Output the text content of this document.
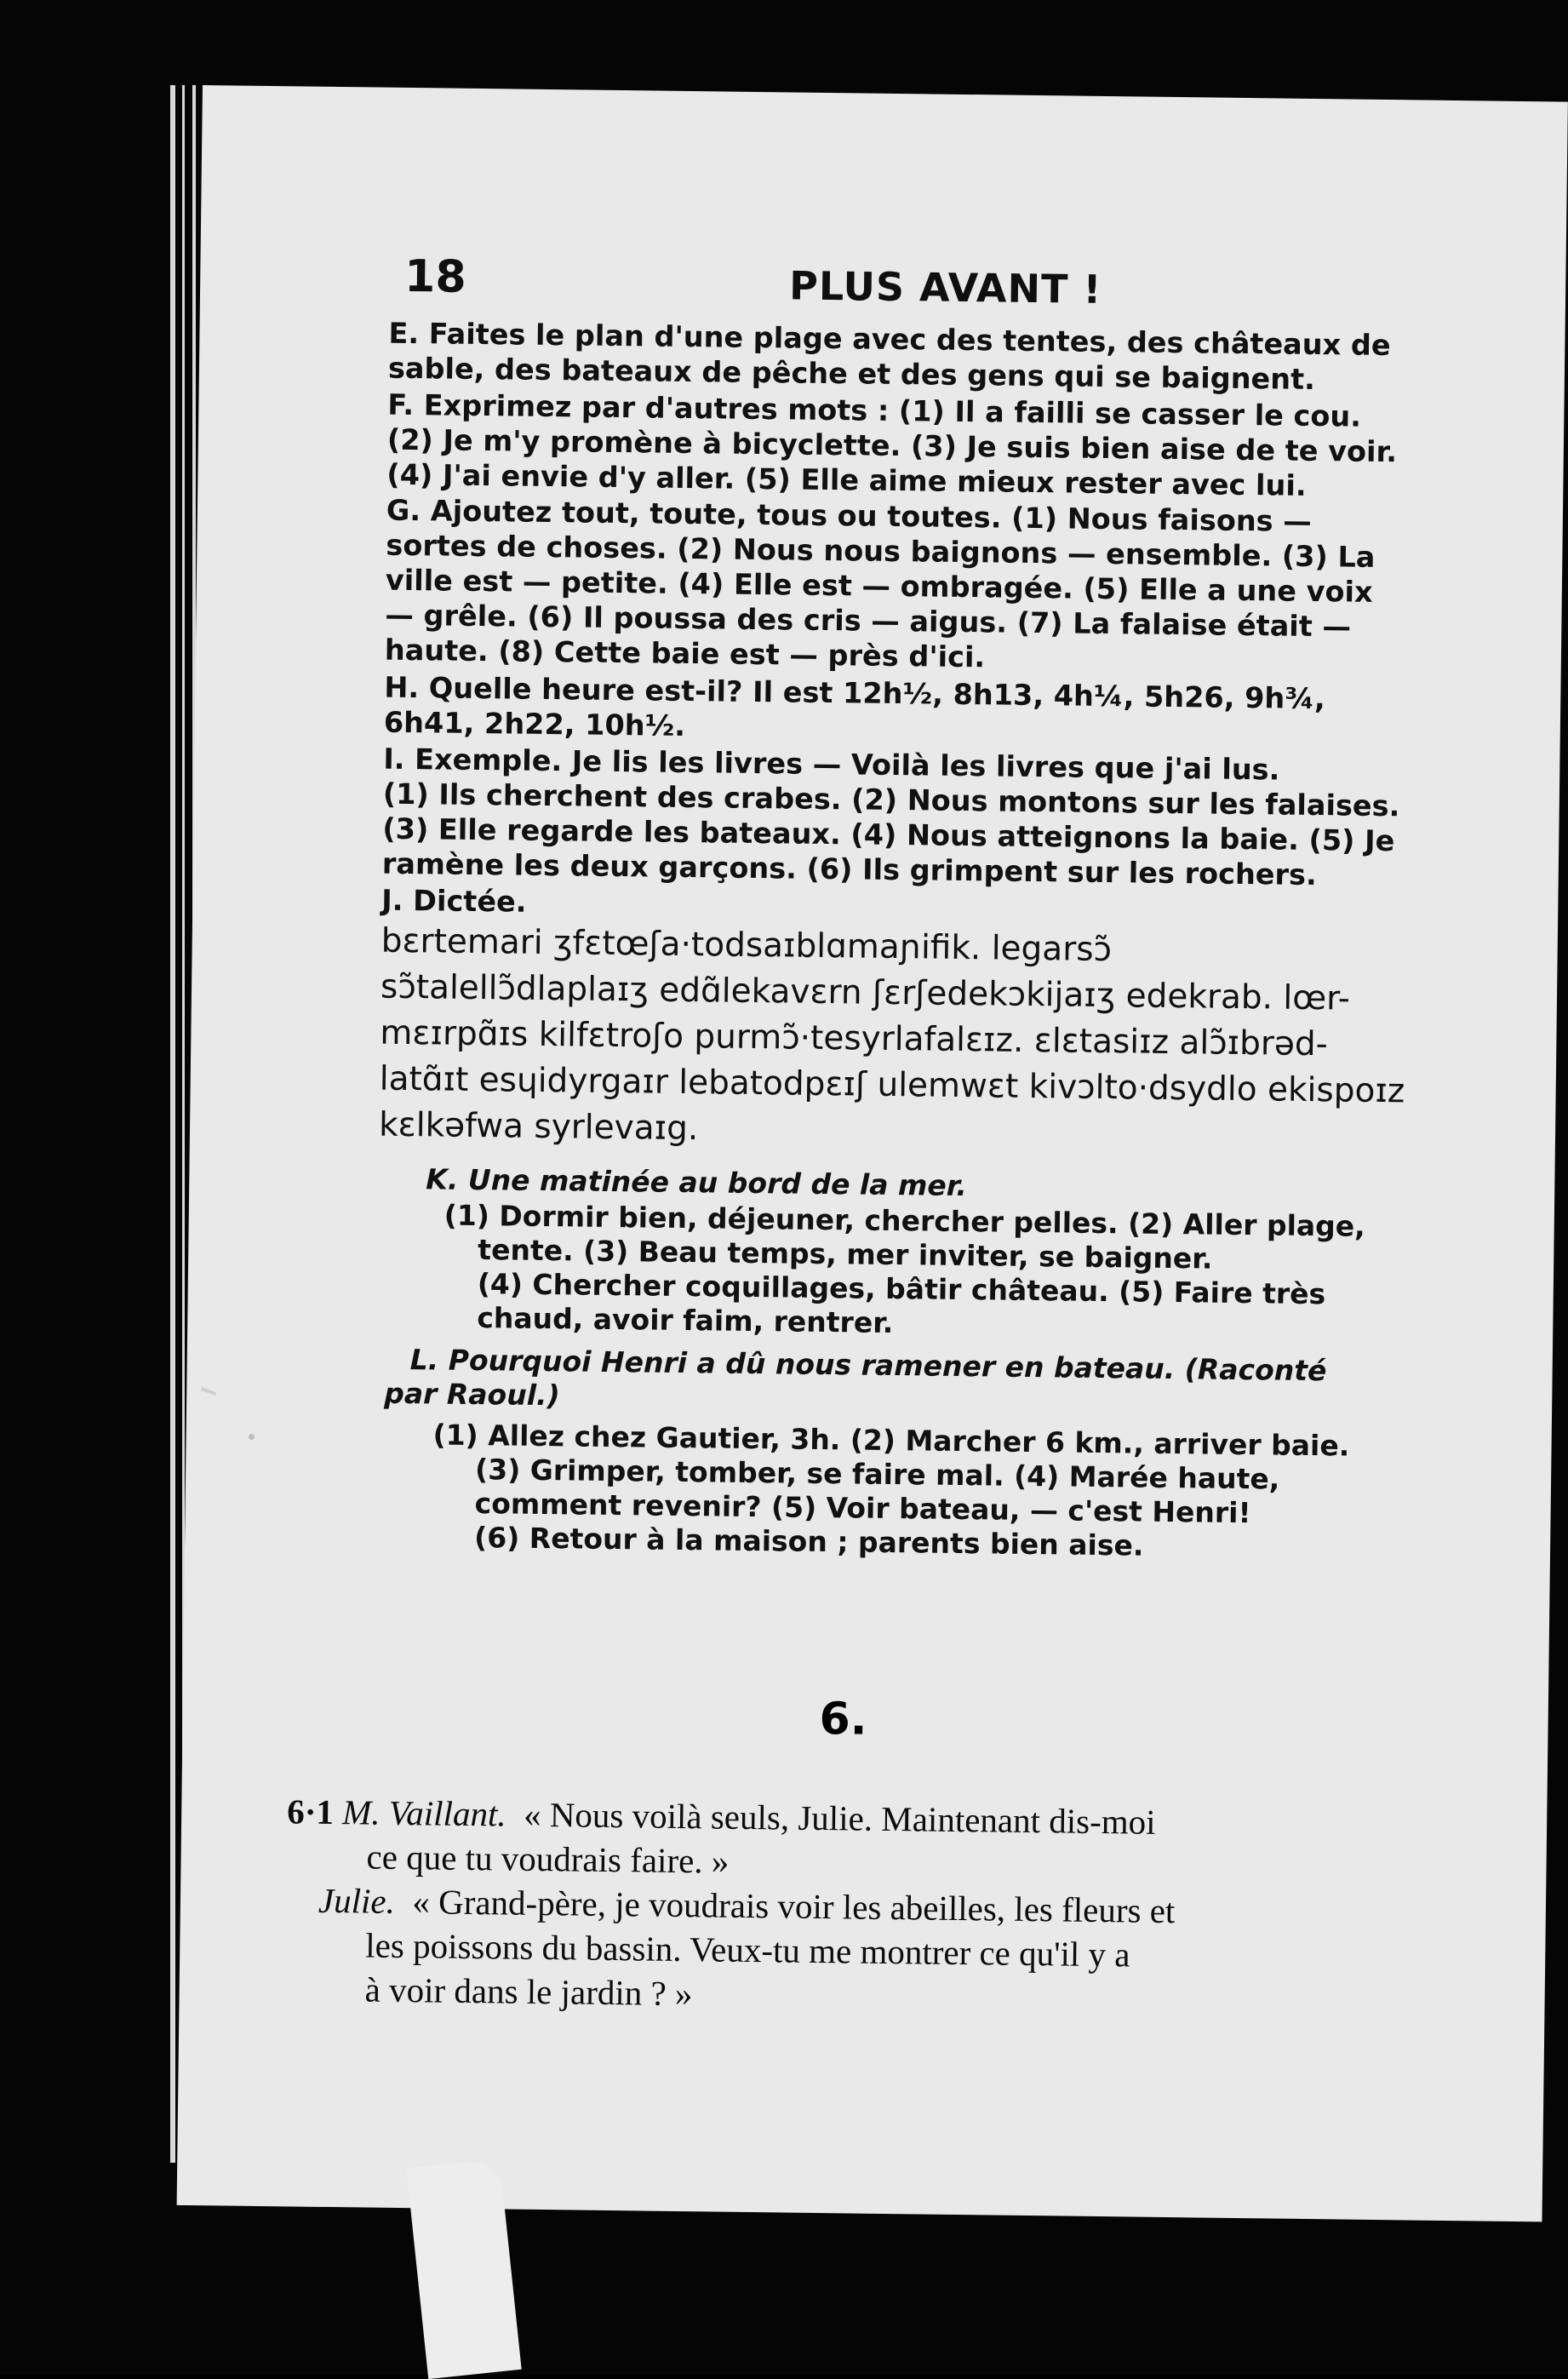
18	PLUS AVANT !
E. Faites le plan d'une plage avec des tentes, des châteaux de
sable, des bateaux de pêche et des gens qui se baignent.
F. Exprimez par d'autres mots : (1) Il a failli se casser le cou.
(2) Je m'y promène à bicyclette. (3) Je suis bien aise de te voir.
(4) J'ai envie d'y aller. (5) Elle aime mieux rester avec lui.
G. Ajoutez tout, toute, tous ou toutes. (1) Nous faisons —
sortes de choses. (2) Nous nous baignons — ensemble. (3) La
ville est — petite. (4) Elle est — ombragée. (5) Elle a une voix
— grêle. (6) Il poussa des cris — aigus. (7) La falaise était —
haute. (8) Cette baie est — près d'ici.
H. Quelle heure est-il? Il est 12h½, 8h13, 4h¼, 5h26, 9h¾,
6h41, 2h22, 10h½.
I. Exemple. Je lis les livres — Voilà les livres que j'ai lus.
(1) Ils cherchent des crabes. (2) Nous montons sur les falaises.
(3) Elle regarde les bateaux. (4) Nous atteignons la baie. (5) Je
ramène les deux garçons. (6) Ils grimpent sur les rochers.
J. Dictée.
bɛrtemari ʒfɛtœʃa·todsaɪblɑmaɲifik. legarsɔ̃
sɔ̃talellɔ̃dlaplaɪʒ edɑ̃lekavɛrn ʃɛrʃedekɔkijaɪʒ edekrab. lœr-
mɛɪrpɑ̃ɪs kilfɛtroʃo purmɔ̃·tesyrlafalɛɪz. ɛlɛtasiɪz alɔ̃ɪbrəd-
latɑ̃ɪt esɥidyrgaɪr lebatodpɛɪʃ ulemwɛt kivɔlto·dsydlo ekispoɪz
kɛlkəfwa syrlevaɪg.
K. Une matinée au bord de la mer.
(1) Dormir bien, déjeuner, chercher pelles. (2) Aller plage,
tente. (3) Beau temps, mer inviter, se baigner.
(4) Chercher coquillages, bâtir château. (5) Faire très
chaud, avoir faim, rentrer.
L. Pourquoi Henri a dû nous ramener en bateau. (Raconté
par Raoul.)
(1) Allez chez Gautier, 3h. (2) Marcher 6 km., arriver baie.
(3) Grimper, tomber, se faire mal. (4) Marée haute,
comment revenir? (5) Voir bateau, — c'est Henri!
(6) Retour à la maison ; parents bien aise.
6.
6·1 M. Vaillant. « Nous voilà seuls, Julie. Maintenant dis-moi
ce que tu voudrais faire. »
Julie. « Grand-père, je voudrais voir les abeilles, les fleurs et
les poissons du bassin. Veux-tu me montrer ce qu'il y a
à voir dans le jardin ? »
